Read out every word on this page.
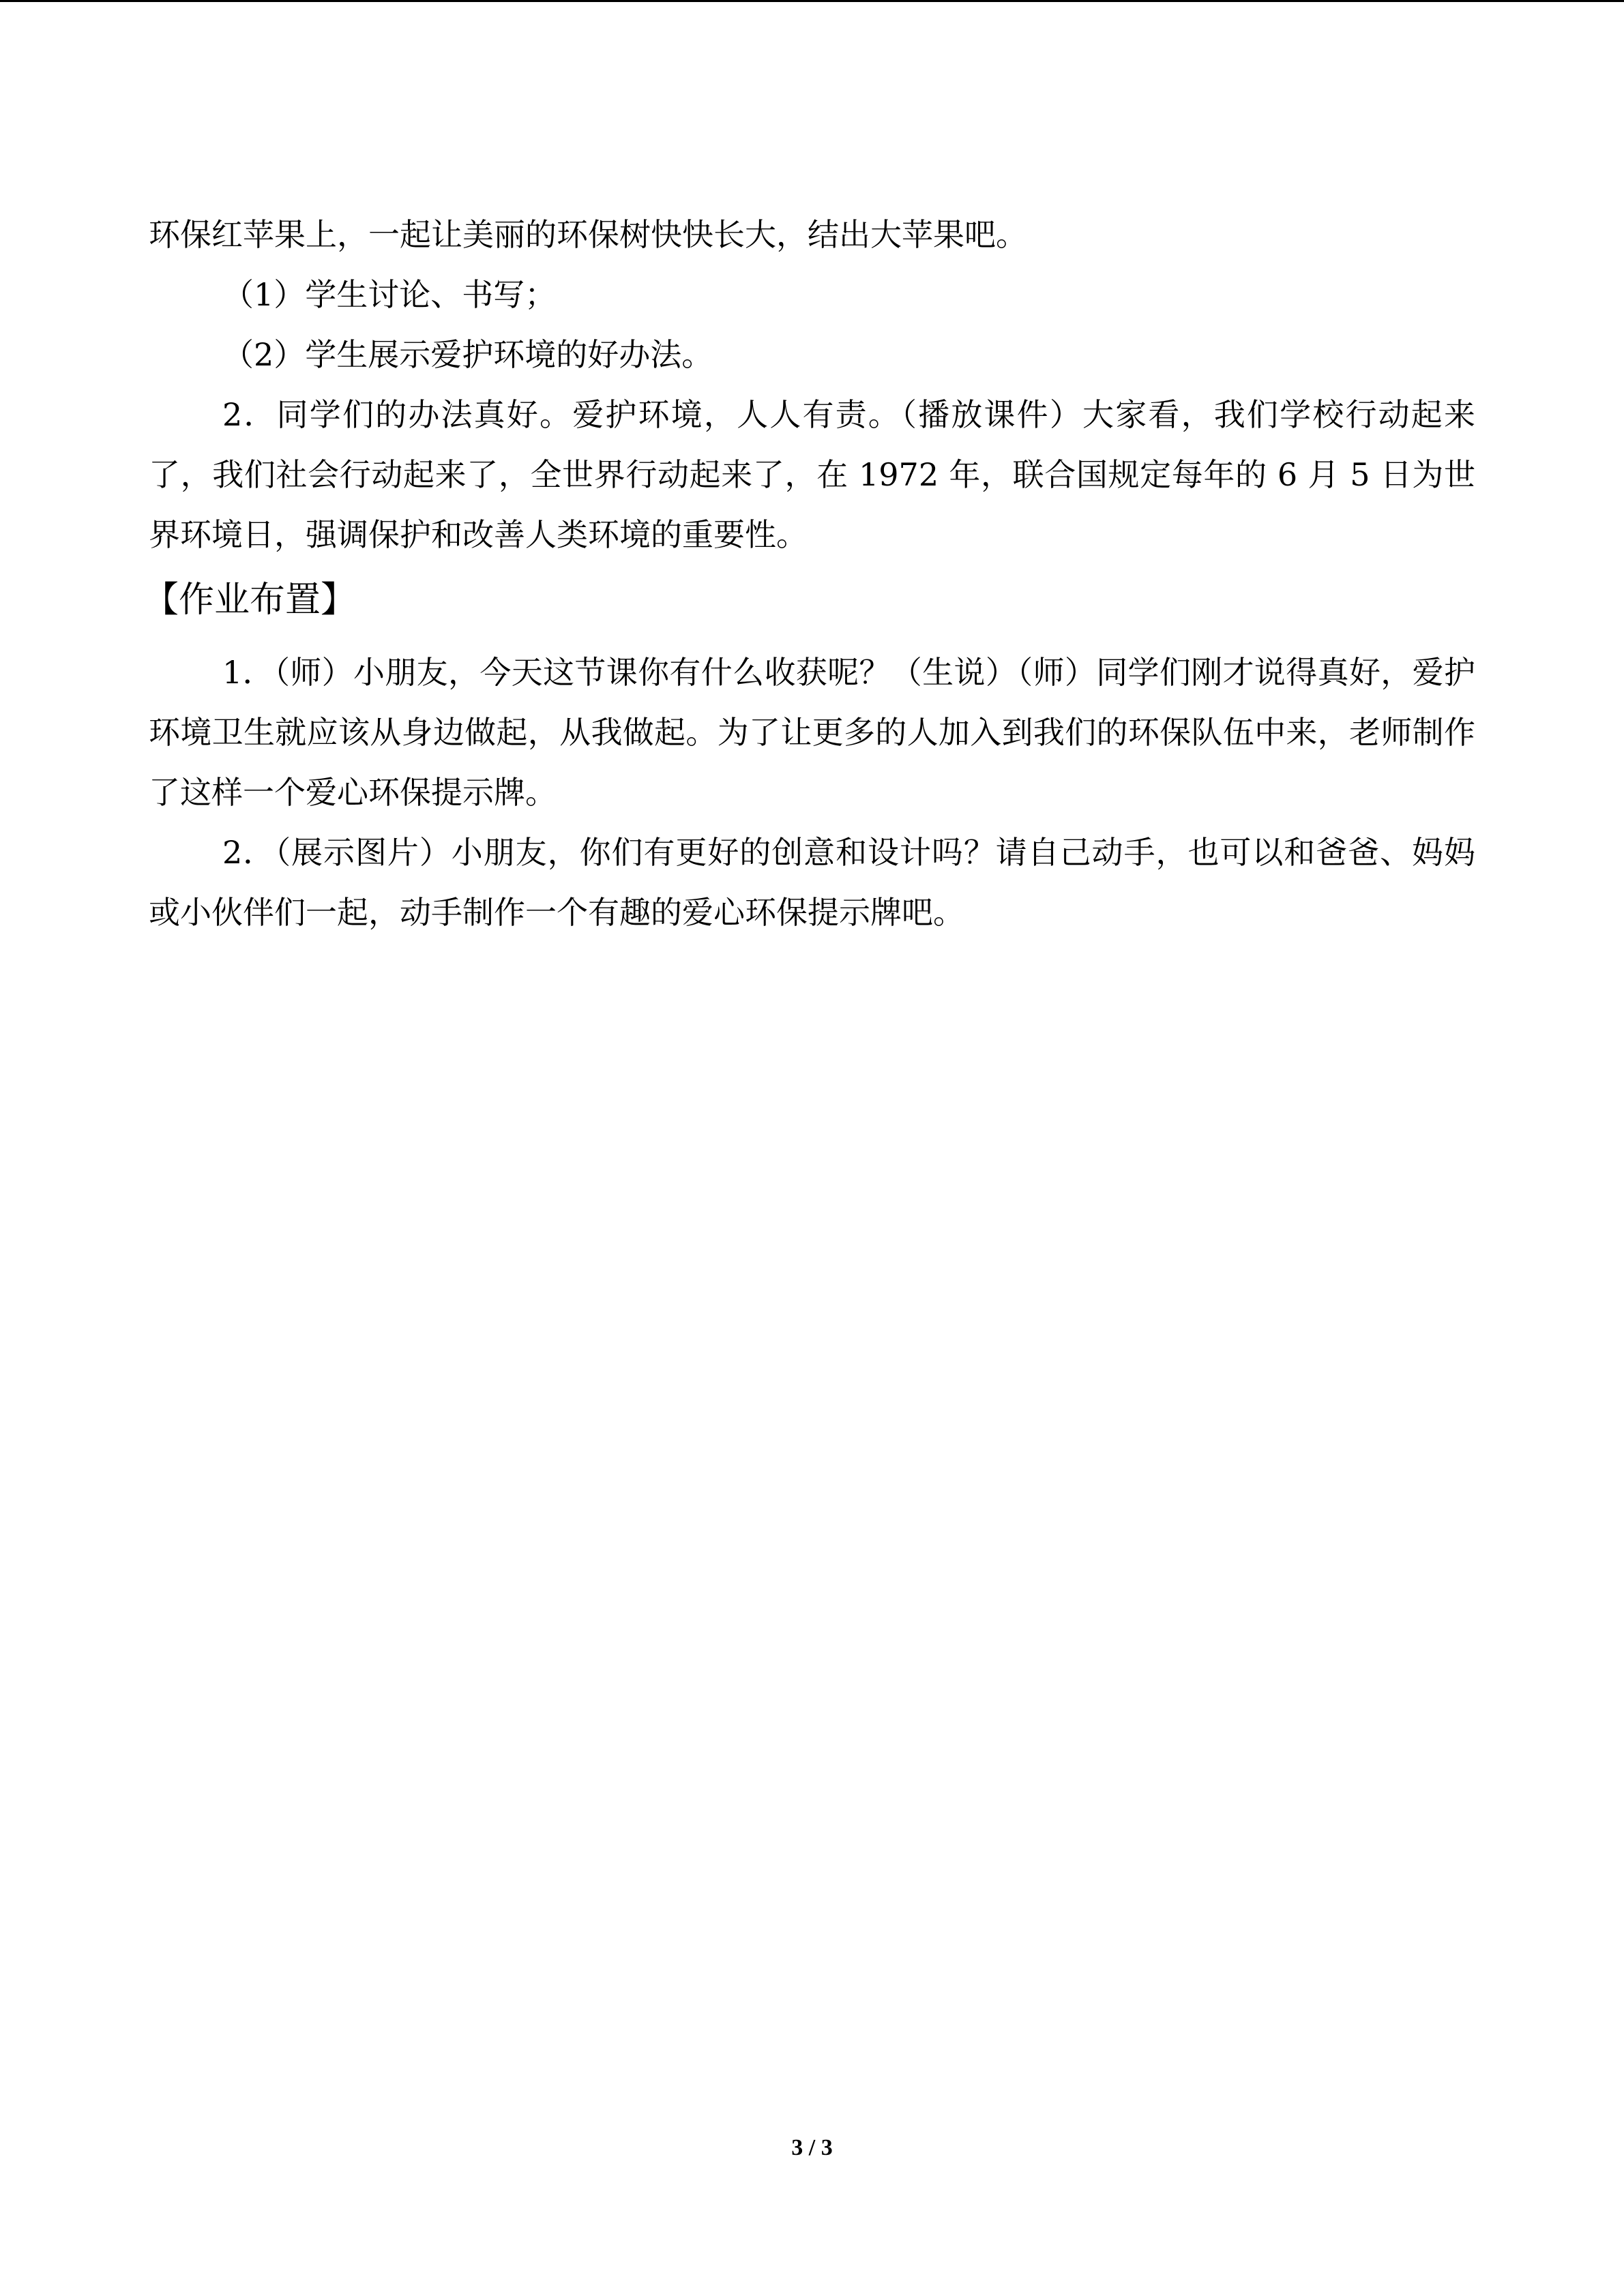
环保红苹果上，一起让美丽的环保树快快长大，结出大苹果吧。

（1）学生讨论、书写；

（2）学生展示爱护环境的好办法。

2．同学们的办法真好。爱护环境，人人有责。（播放课件）大家看，我们学校行动起来了，我们社会行动起来了，全世界行动起来了，在 1972 年，联合国规定每年的 6 月 5 日为世界环境日，强调保护和改善人类环境的重要性。

【作业布置】

1．（师）小朋友，今天这节课你有什么收获呢？（生说）（师）同学们刚才说得真好，爱护环境卫生就应该从身边做起，从我做起。为了让更多的人加入到我们的环保队伍中来，老师制作了这样一个爱心环保提示牌。

2．（展示图片）小朋友，你们有更好的创意和设计吗？请自己动手，也可以和爸爸、妈妈或小伙伴们一起，动手制作一个有趣的爱心环保提示牌吧。

3 / 3
